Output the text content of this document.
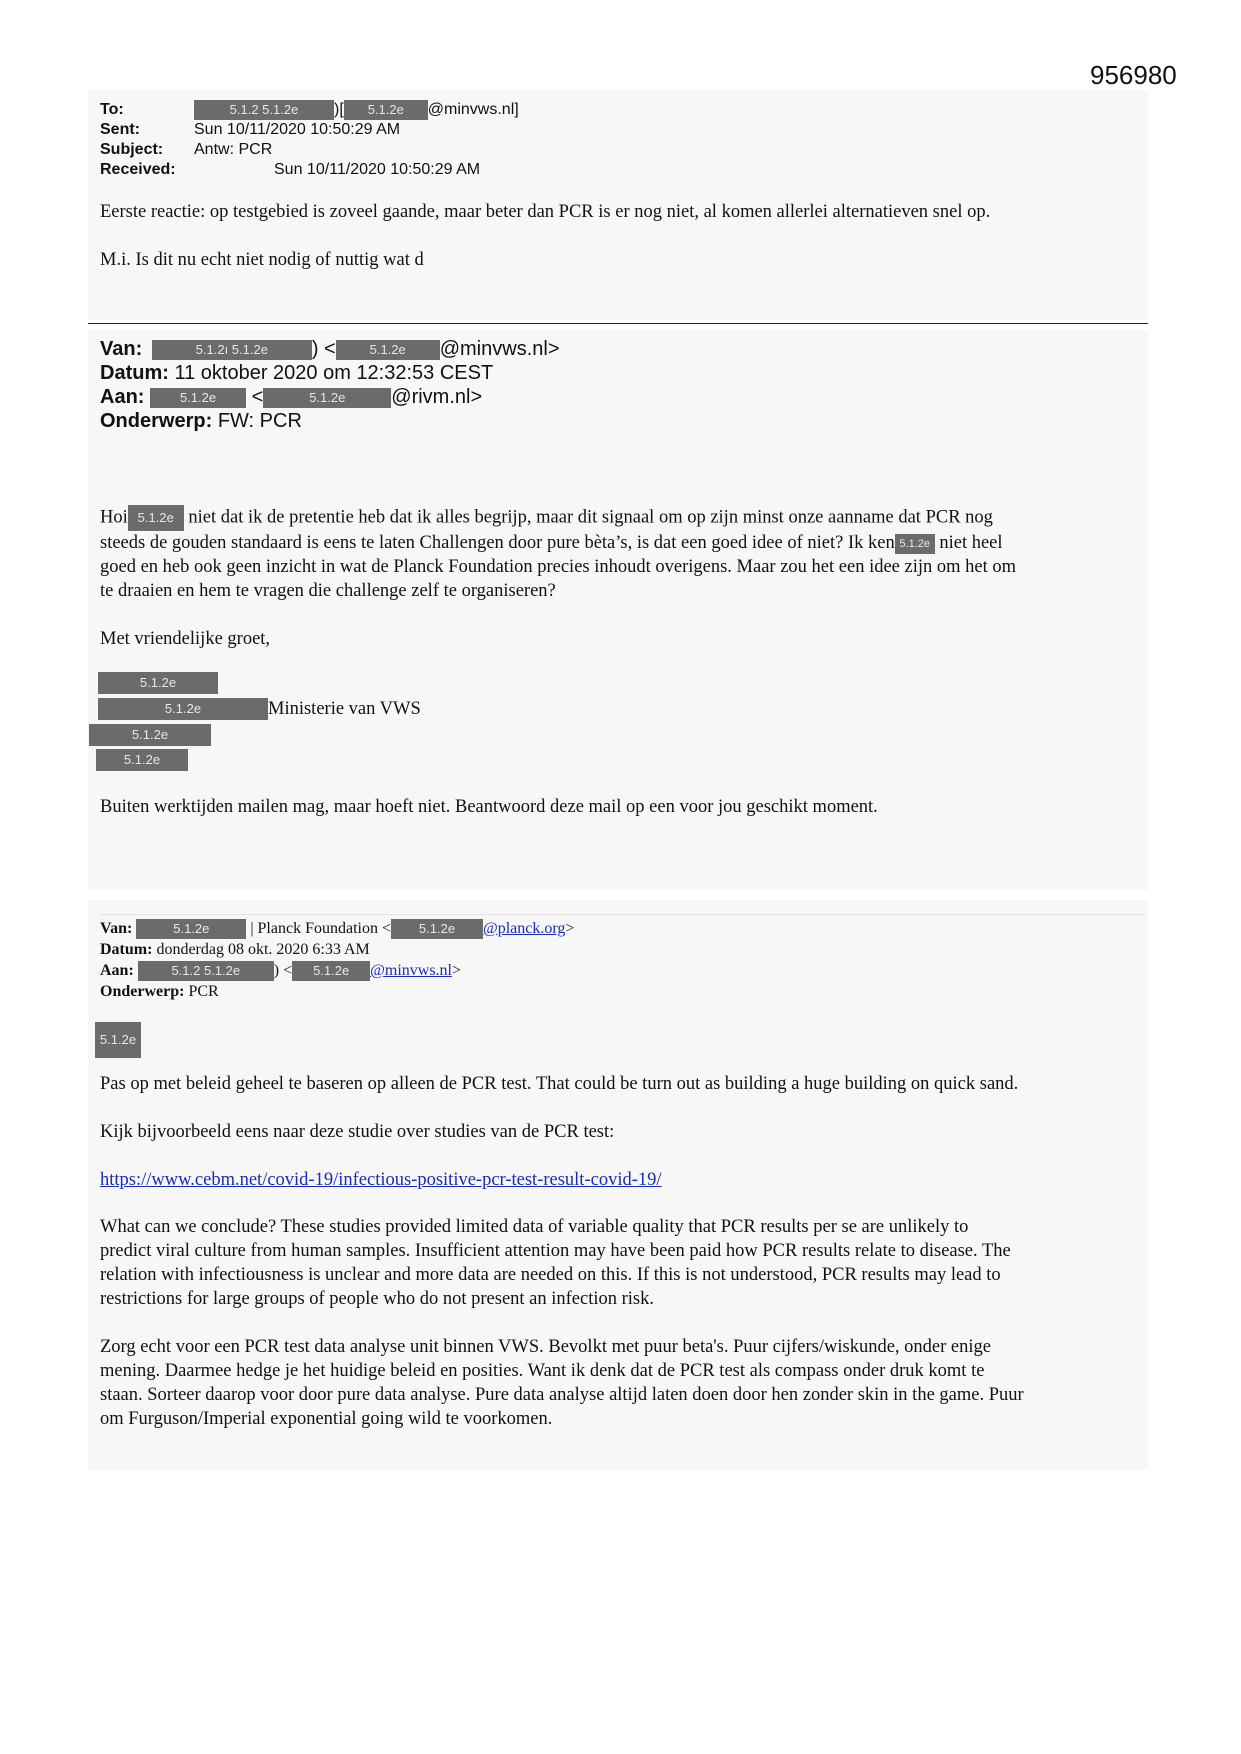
956980
To:	5.1.2 5.1.2e )[ 5.1.2e @minvws.nl]
Sent:	Sun 10/11/2020 10:50:29 AM
Subject: Antw: PCR
Received:	Sun 10/11/2020 10:50:29 AM
Eerste reactie: op testgebied is zoveel gaande, maar beter dan PCR is er nog niet, al komen allerlei alternatieven snel op.
M.i. Is dit nu echt niet nodig of nuttig wat d
Van:	5.1.2ı 5.1.2e ) <	5.1.2e @minvws.nl>
Datum: 11 oktober 2020 om 12:32:53 CEST
Aan:	5.1.2e <	5.1.2e @rivm.nl>
Onderwerp: FW: PCR
Hoi 5.1.2e niet dat ik de pretentie heb dat ik alles begrijp, maar dit signaal om op zijn minst onze aanname dat PCR nog
steeds de gouden standaard is eens te laten Challengen door pure bèta’s, is dat een goed idee of niet? Ik ken 5.1.2e niet heel
goed en heb ook geen inzicht in wat de Planck Foundation precies inhoudt overigens. Maar zou het een idee zijn om het om
te draaien en hem te vragen die challenge zelf te organiseren?
Met vriendelijke groet,
5.1.2e
5.1.2e	Ministerie van VWS
5.1.2e
5.1.2e
Buiten werktijden mailen mag, maar hoeft niet. Beantwoord deze mail op een voor jou geschikt moment.
Van:	5.1.2e	| Planck Foundation < 5.1.2e @planck.org>
Datum: donderdag 08 okt. 2020 6:33 AM
Aan:	5.1.2 5.1.2e ) < 5.1.2e @minvws.nl>
Onderwerp: PCR
5.1.2e
Pas op met beleid geheel te baseren op alleen de PCR test. That could be turn out as building a huge building on quick sand.
Kijk bijvoorbeeld eens naar deze studie over studies van de PCR test:
https://www.cebm.net/covid-19/infectious-positive-pcr-test-result-covid-19/
What can we conclude? These studies provided limited data of variable quality that PCR results per se are unlikely to
predict viral culture from human samples. Insufficient attention may have been paid how PCR results relate to disease. The
relation with infectiousness is unclear and more data are needed on this. If this is not understood, PCR results may lead to
restrictions for large groups of people who do not present an infection risk.
Zorg echt voor een PCR test data analyse unit binnen VWS. Bevolkt met puur beta's. Puur cijfers/wiskunde, onder enige
mening. Daarmee hedge je het huidige beleid en posities. Want ik denk dat de PCR test als compass onder druk komt te
staan. Sorteer daarop voor door pure data analyse. Pure data analyse altijd laten doen door hen zonder skin in the game. Puur
om Furguson/Imperial exponential going wild te voorkomen.
